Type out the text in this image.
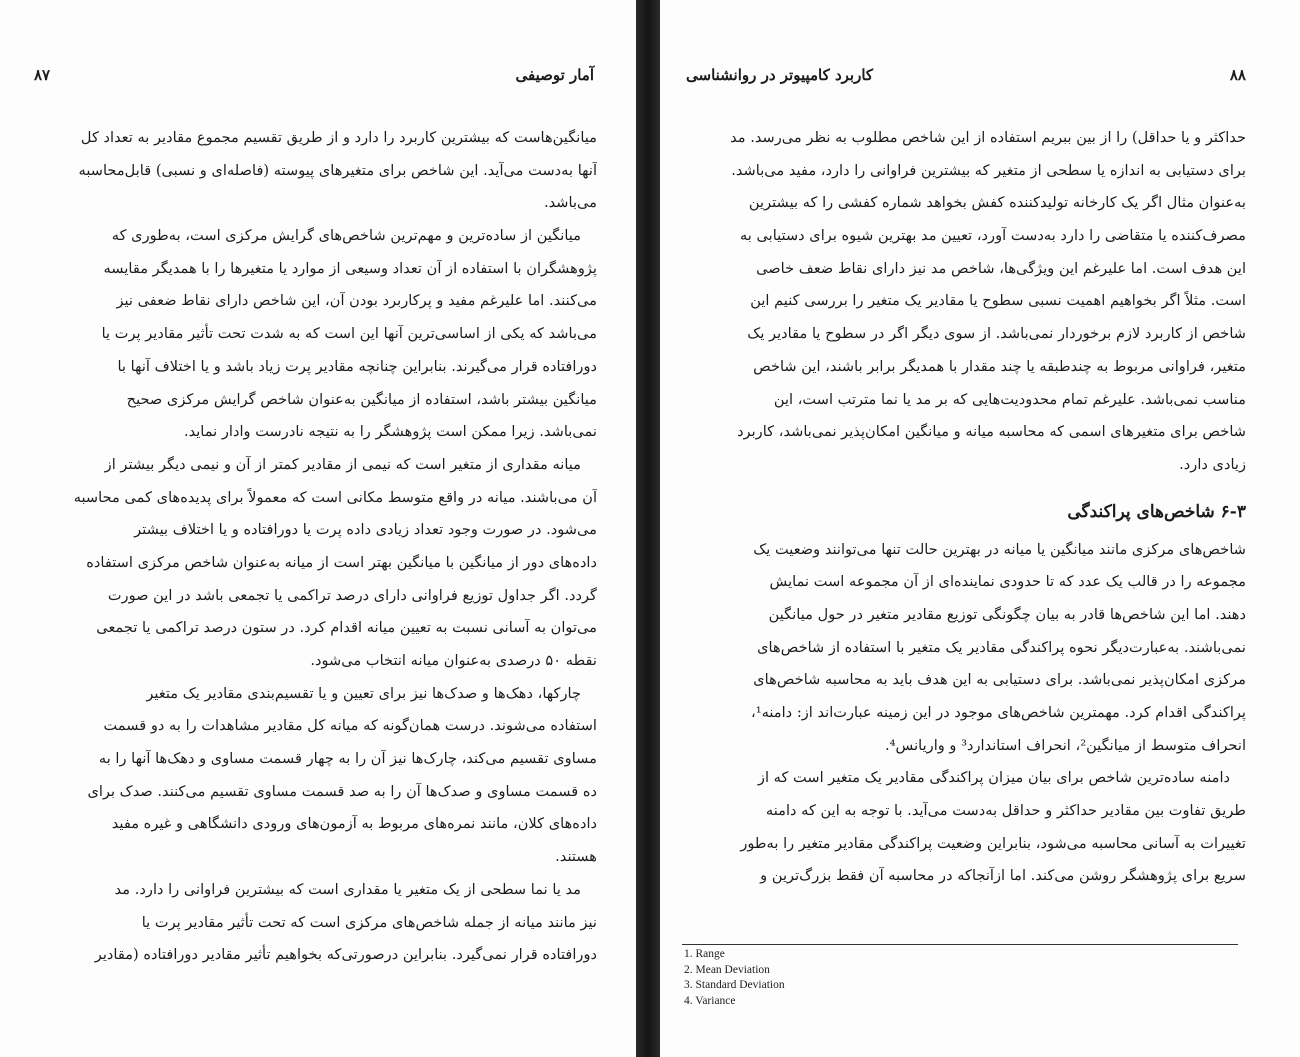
آمار توصیفی
۸۷
میانگین‌هاست که بیشترین کاربرد را دارد و از طریق تقسیم مجموع مقادیر به تعداد کل
آنها به‌دست می‌آید. این شاخص برای متغیرهای پیوسته (فاصله‌ای و نسبی) قابل‌محاسبه
می‌باشد.
میانگین از ساده‌ترین و مهم‌ترین شاخص‌های گرایش مرکزی است، به‌طوری که
پژوهشگران با استفاده از آن تعداد وسیعی از موارد یا متغیرها را با همدیگر مقایسه
می‌کنند. اما علیرغم مفید و پرکاربرد بودن آن، این شاخص دارای نقاط ضعفی نیز
می‌باشد که یکی از اساسی‌ترین آنها این است که به شدت تحت تأثیر مقادیر پرت یا
دورافتاده قرار می‌گیرند. بنابراین چنانچه مقادیر پرت زیاد باشد و یا اختلاف آنها با
میانگین بیشتر باشد، استفاده از میانگین به‌عنوان شاخص گرایش مرکزی صحیح
نمی‌باشد. زیرا ممکن است پژوهشگر را به نتیجه نادرست وادار نماید.
میانه مقداری از متغیر است که نیمی از مقادیر کمتر از آن و نیمی دیگر بیشتر از
آن می‌باشند. میانه در واقع متوسط مکانی است که معمولاً برای پدیده‌های کمی محاسبه
می‌شود. در صورت وجود تعداد زیادی داده پرت یا دورافتاده و یا اختلاف بیشتر
داده‌های دور از میانگین با میانگین بهتر است از میانه به‌عنوان شاخص مرکزی استفاده
گردد. اگر جداول توزیع فراوانی دارای درصد تراکمی یا تجمعی باشد در این صورت
می‌توان به آسانی نسبت به تعیین میانه اقدام کرد. در ستون درصد تراکمی یا تجمعی
نقطه ۵۰ درصدی به‌عنوان میانه انتخاب می‌شود.
چارکها، دهک‌ها و صدک‌ها نیز برای تعیین و یا تقسیم‌بندی مقادیر یک متغیر
استفاده می‌شوند. درست همان‌گونه که میانه کل مقادیر مشاهدات را به دو قسمت
مساوی تقسیم می‌کند، چارک‌ها نیز آن را به چهار قسمت مساوی و دهک‌ها آنها را به
ده قسمت مساوی و صدک‌ها آن را به صد قسمت مساوی تقسیم می‌کنند. صدک برای
داده‌های کلان، مانند نمره‌های مربوط به آزمون‌های ورودی دانشگاهی و غیره مفید
هستند.
مد یا نما سطحی از یک متغیر یا مقداری است که بیشترین فراوانی را دارد. مد
نیز مانند میانه از جمله شاخص‌های مرکزی است که تحت تأثیر مقادیر پرت یا
دورافتاده قرار نمی‌گیرد. بنابراین درصورتی‌که بخواهیم تأثیر مقادیر دورافتاده (مقادیر
۸۸
کاربرد کامپیوتر در روانشناسی
حداکثر و یا حداقل) را از بین ببریم استفاده از این شاخص مطلوب به نظر می‌رسد. مد
برای دستیابی به اندازه یا سطحی از متغیر که بیشترین فراوانی را دارد، مفید می‌باشد.
به‌عنوان مثال اگر یک کارخانه تولیدکننده کفش بخواهد شماره کفشی را که بیشترین
مصرف‌کننده یا متقاضی را دارد به‌دست آورد، تعیین مد بهترین شیوه برای دستیابی به
این هدف است. اما علیرغم این ویژگی‌ها، شاخص مد نیز دارای نقاط ضعف خاصی
است. مثلاً اگر بخواهیم اهمیت نسبی سطوح یا مقادیر یک متغیر را بررسی کنیم این
شاخص از کاربرد لازم برخوردار نمی‌باشد. از سوی دیگر اگر در سطوح یا مقادیر یک
متغیر، فراوانی مربوط به چندطبقه یا چند مقدار با همدیگر برابر باشند، این شاخص
مناسب نمی‌باشد. علیرغم تمام محدودیت‌هایی که بر مد یا نما مترتب است، این
شاخص برای متغیرهای اسمی که محاسبه میانه و میانگین امکان‌پذیر نمی‌باشد، کاربرد
زیادی دارد.
۶-۳ شاخص‌های پراکندگی
شاخص‌های مرکزی مانند میانگین یا میانه در بهترین حالت تنها می‌توانند وضعیت یک
مجموعه را در قالب یک عدد که تا حدودی نماینده‌ای از آن مجموعه است نمایش
دهند. اما این شاخص‌ها قادر به بیان چگونگی توزیع مقادیر متغیر در حول میانگین
نمی‌باشند. به‌عبارت‌دیگر نحوه پراکندگی مقادیر یک متغیر با استفاده از شاخص‌های
مرکزی امکان‌پذیر نمی‌باشد. برای دستیابی به این هدف باید به محاسبه شاخص‌های
پراکندگی اقدام کرد. مهمترین شاخص‌های موجود در این زمینه عبارت‌اند از: دامنه¹،
انحراف متوسط از میانگین²، انحراف استاندارد³ و واریانس⁴.
دامنه ساده‌ترین شاخص برای بیان میزان پراکندگی مقادیر یک متغیر است که از
طریق تفاوت بین مقادیر حداکثر و حداقل به‌دست می‌آید. با توجه به این که دامنه
تغییرات به آسانی محاسبه می‌شود، بنابراین وضعیت پراکندگی مقادیر متغیر را به‌طور
سریع برای پژوهشگر روشن می‌کند. اما ازآنجاکه در محاسبه آن فقط بزرگ‌ترین و
1. Range
2. Mean Deviation
3. Standard Deviation
4. Variance
